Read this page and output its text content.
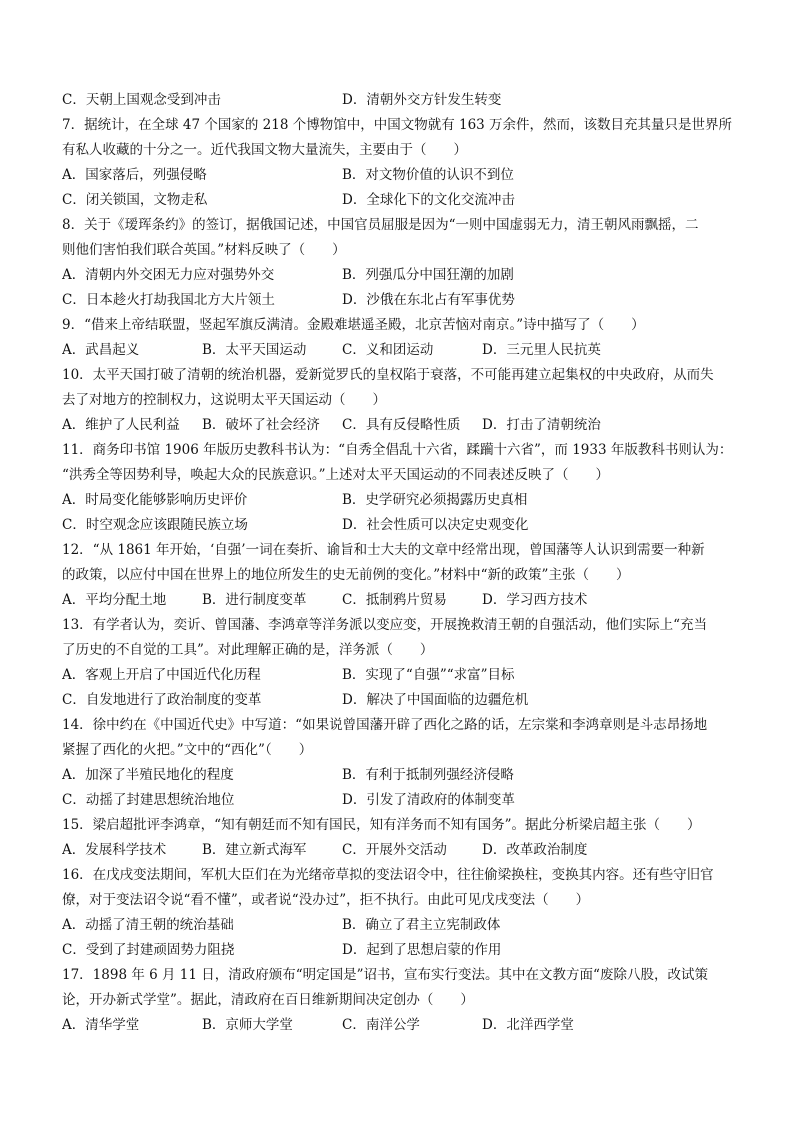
C．天朝上国观念受到冲击	D．清朝外交方针发生转变
7．据统计，在全球 47 个国家的 218 个博物馆中，中国文物就有 163 万余件，然而，该数目充其量只是世界所
有私人收藏的十分之一。近代我国文物大量流失，主要由于（　　）
A．国家落后，列强侵略	B．对文物价值的认识不到位
C．闭关锁国，文物走私	D．全球化下的文化交流冲击
8．关于《瑷珲条约》的签订，据俄国记述，中国官员屈服是因为“一则中国虚弱无力，清王朝风雨飘摇，二
则他们害怕我们联合英国。”材料反映了（　　）
A．清朝内外交困无力应对强势外交	B．列强瓜分中国狂潮的加剧
C．日本趁火打劫我国北方大片领土	D．沙俄在东北占有军事优势
9．“借来上帝结联盟，竖起军旗反满清。金殿难堪遥圣殿，北京苦恼对南京。”诗中描写了（　　）
A．武昌起义	B．太平天国运动	C．义和团运动	D．三元里人民抗英
10．太平天国打破了清朝的统治机器，爱新觉罗氏的皇权陷于衰落，不可能再建立起集权的中央政府，从而失
去了对地方的控制权力，这说明太平天国运动（　　）
A．维护了人民利益	B．破坏了社会经济	C．具有反侵略性质	D．打击了清朝统治
11．商务印书馆 1906 年版历史教科书认为：“自秀全倡乱十六省，蹂躏十六省”，而 1933 年版教科书则认为：
“洪秀全等因势利导，唤起大众的民族意识。”上述对太平天国运动的不同表述反映了（　　）
A．时局变化能够影响历史评价	B．史学研究必须揭露历史真相
C．时空观念应该跟随民族立场	D．社会性质可以决定史观变化
12．“从 1861 年开始，‘自强’一词在奏折、谕旨和士大夫的文章中经常出现，曾国藩等人认识到需要一种新
的政策，以应付中国在世界上的地位所发生的史无前例的变化。”材料中“新的政策”主张（　　）
A．平均分配土地	B．进行制度变革	C．抵制鸦片贸易	D．学习西方技术
13．有学者认为，奕䜣、曾国藩、李鸿章等洋务派以变应变，开展挽救清王朝的自强活动，他们实际上“充当
了历史的不自觉的工具”。对此理解正确的是，洋务派（　　）
A．客观上开启了中国近代化历程	B．实现了“自强”“求富”目标
C．自发地进行了政治制度的变革	D．解决了中国面临的边疆危机
14．徐中约在《中国近代史》中写道：“如果说曾国藩开辟了西化之路的话，左宗棠和李鸿章则是斗志昂扬地
紧握了西化的火把。”文中的“西化”（　　）
A．加深了半殖民地化的程度	B．有利于抵制列强经济侵略
C．动摇了封建思想统治地位	D．引发了清政府的体制变革
15．梁启超批评李鸿章，“知有朝廷而不知有国民，知有洋务而不知有国务”。据此分析梁启超主张（　　）
A．发展科学技术	B．建立新式海军	C．开展外交活动	D．改革政治制度
16．在戊戌变法期间，军机大臣们在为光绪帝草拟的变法诏令中，往往偷梁换柱，变换其内容。还有些守旧官
僚，对于变法诏令说“看不懂”，或者说“没办过”，拒不执行。由此可见戊戌变法（　　）
A．动摇了清王朝的统治基础	B．确立了君主立宪制政体
C．受到了封建顽固势力阻挠	D．起到了思想启蒙的作用
17．1898 年 6 月 11 日，清政府颁布“明定国是”诏书，宣布实行变法。其中在文教方面“废除八股，改试策
论，开办新式学堂”。据此，清政府在百日维新期间决定创办（　　）
A．清华学堂	B．京师大学堂	C．南洋公学	D．北洋西学堂
